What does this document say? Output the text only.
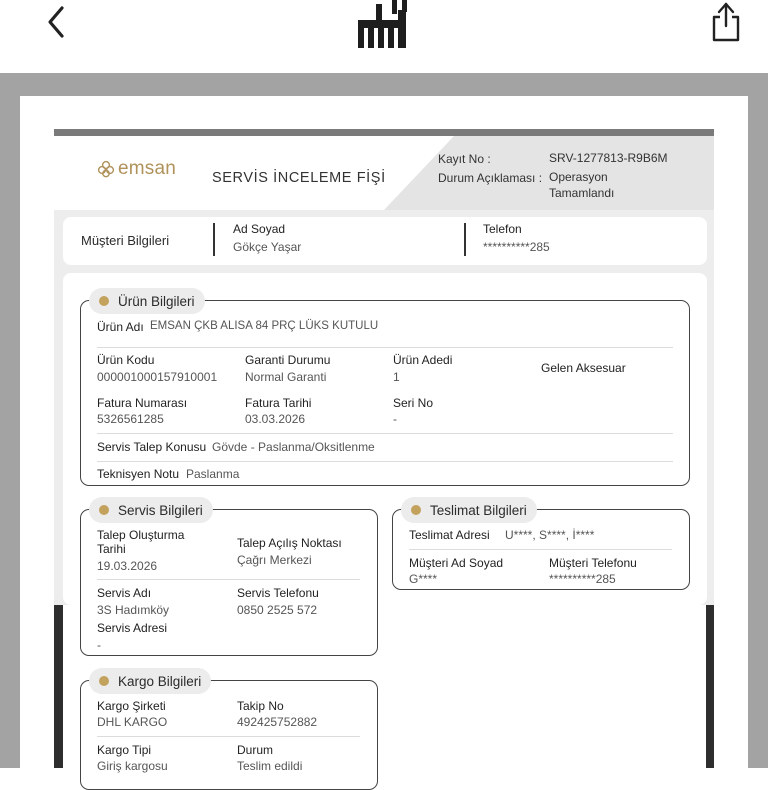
emsan SERVİS İNCELEME FİŞİ
Kayıt No :	SRV-1277813-R9B6M
Durum Açıklaması : Operasyon
Tamamlandı
Müşteri Bilgileri
Ad Soyad
Gökçe Yaşar
Telefon
**********285
Ürün Bilgileri
Ürün Adı EMSAN ÇKB ALISA 84 PRÇ LÜKS KUTULU
Ürün Kodu
000001000157910001
Garanti Durumu
Normal Garanti
Ürün Adedi
1
Gelen Aksesuar
Fatura Numarası
5326561285
Fatura Tarihi
03.03.2026
Seri No
-
Servis Talep Konusu Gövde - Paslanma/Oksitlenme
Teknisyen Notu Paslanma
Servis Bilgileri
Talep Oluşturma
Tarihi
19.03.2026
Talep Açılış Noktası
Çağrı Merkezi
Servis Adı
3S Hadımköy
Servis Telefonu
0850 2525 572
Servis Adresi
-
Teslimat Bilgileri
Teslimat Adresi U****, S****, İ****
Müşteri Ad Soyad
G****
Müşteri Telefonu
**********285
Kargo Bilgileri
Kargo Şirketi
DHL KARGO
Takip No
492425752882
Kargo Tipi
Giriş kargosu
Durum
Teslim edildi
